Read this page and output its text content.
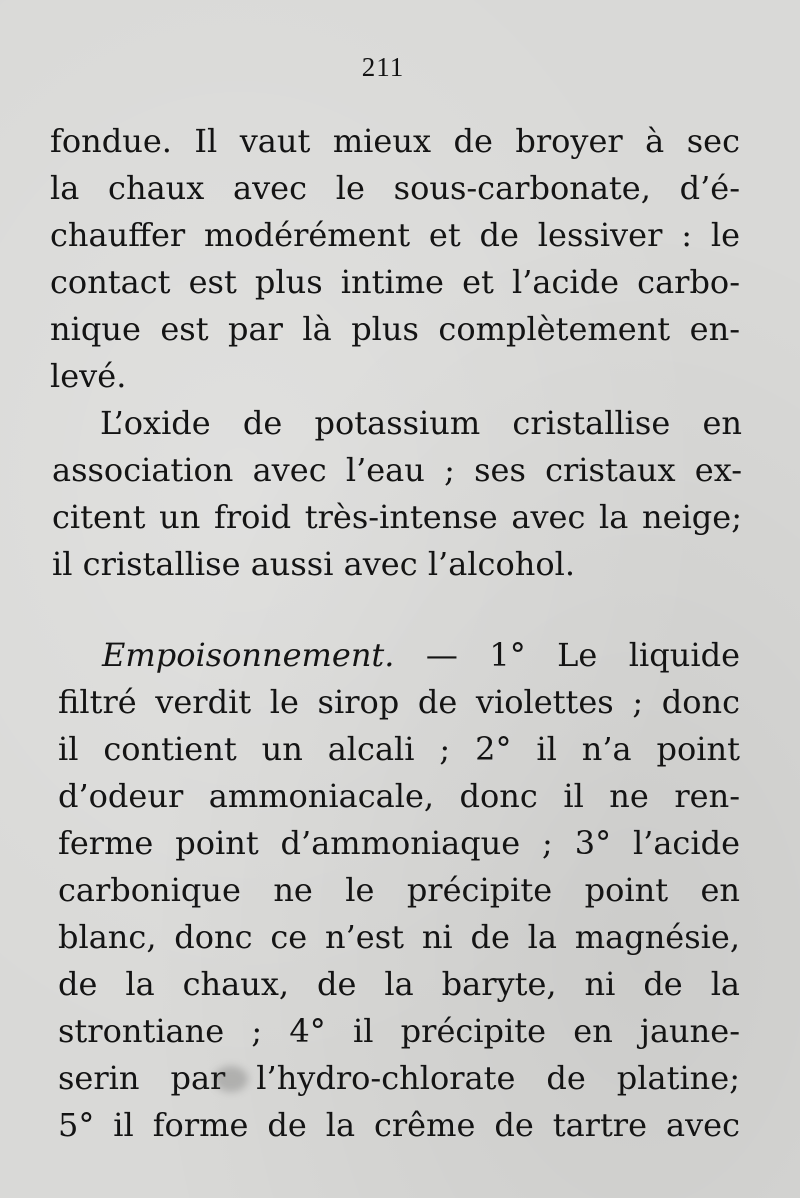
211
fondue. Il vaut mieux de broyer à sec
la chaux avec le sous-carbonate, d’é-
chauffer modérément et de lessiver : le
contact est plus intime et l’acide carbo-
nique est par là plus complètement en-
levé.
L’oxide de potassium cristallise en
association avec l’eau ; ses cristaux ex-
citent un froid très-intense avec la neige;
il cristallise aussi avec l’alcohol.
Empoisonnement. — 1° Le liquide
filtré verdit le sirop de violettes ; donc
il contient un alcali ; 2° il n’a point
d’odeur ammoniacale, donc il ne ren-
ferme point d’ammoniaque ; 3° l’acide
carbonique ne le précipite point en
blanc, donc ce n’est ni de la magnésie,
de la chaux, de la baryte, ni de la
strontiane ; 4° il précipite en jaune-
serin par l’hydro-chlorate de platine;
5° il forme de la crême de tartre avec
